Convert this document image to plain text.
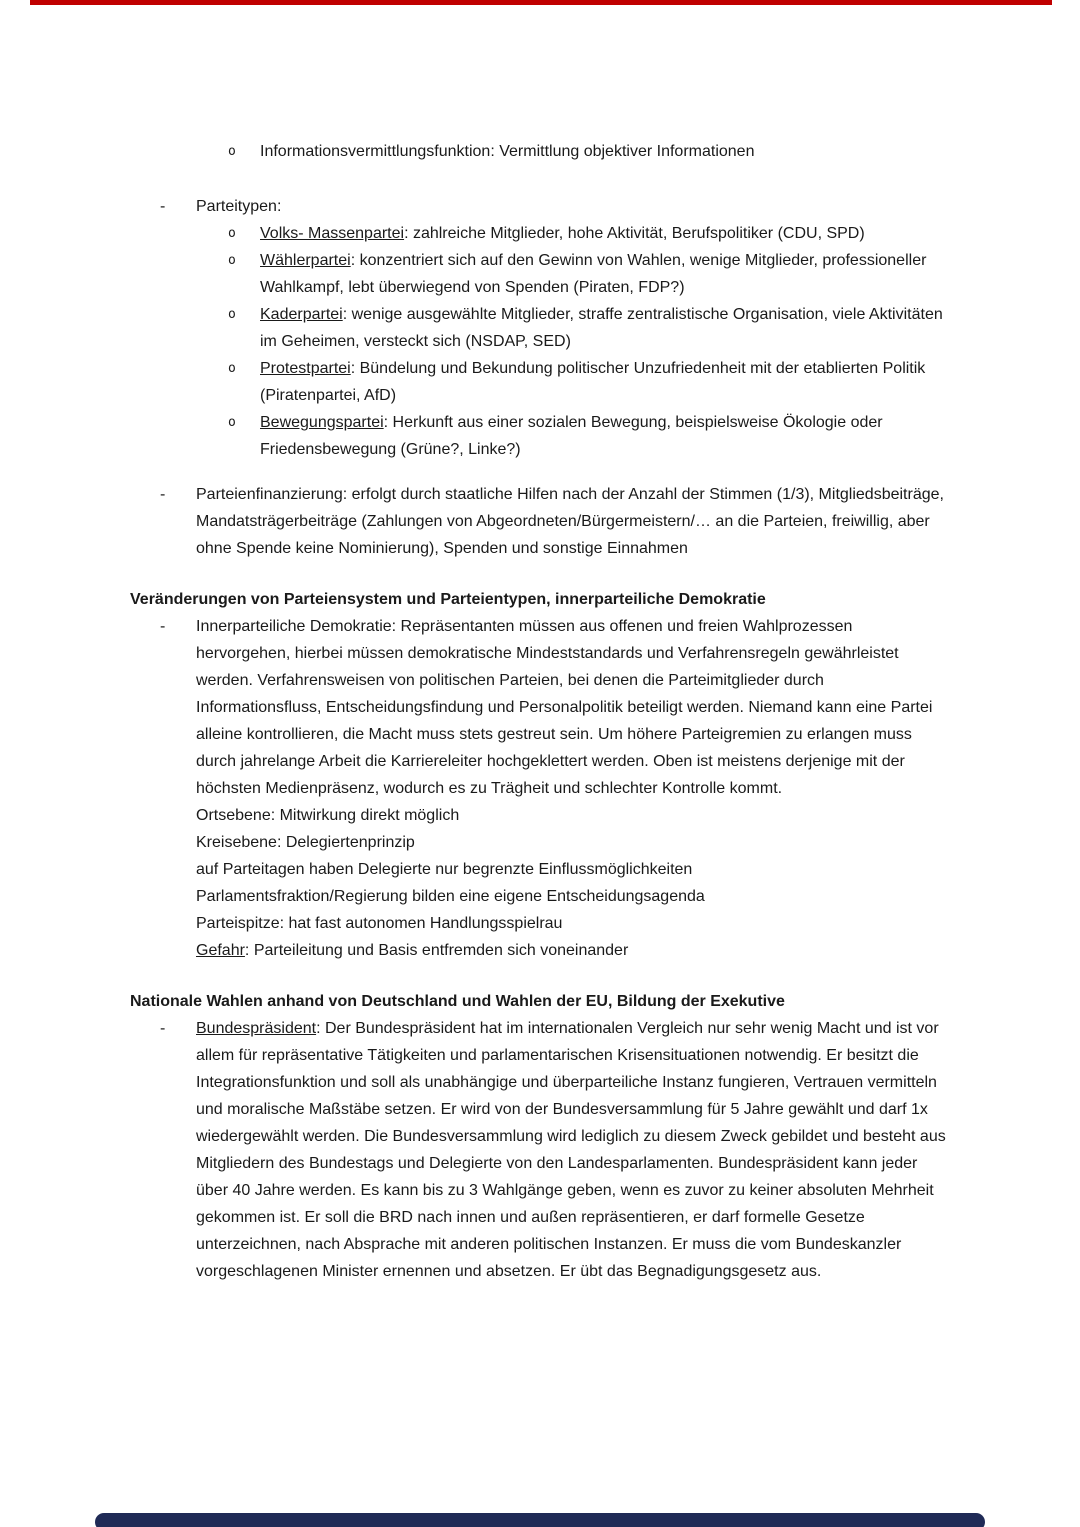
o Informationsvermittlungsfunktion: Vermittlung objektiver Informationen
- Parteitypen:
o Volks- Massenpartei: zahlreiche Mitglieder, hohe Aktivität, Berufspolitiker (CDU, SPD)
o Wählerpartei: konzentriert sich auf den Gewinn von Wahlen, wenige Mitglieder, professioneller Wahlkampf, lebt überwiegend von Spenden (Piraten, FDP?)
o Kaderpartei: wenige ausgewählte Mitglieder, straffe zentralistische Organisation, viele Aktivitäten im Geheimen, versteckt sich (NSDAP, SED)
o Protestpartei: Bündelung und Bekundung politischer Unzufriedenheit mit der etablierten Politik (Piratenpartei, AfD)
o Bewegungspartei: Herkunft aus einer sozialen Bewegung, beispielsweise Ökologie oder Friedensbewegung (Grüne?, Linke?)
- Parteienfinanzierung: erfolgt durch staatliche Hilfen nach der Anzahl der Stimmen (1/3), Mitgliedsbeiträge, Mandatsträgerbeiträge (Zahlungen von Abgeordneten/Bürgermeistern/… an die Parteien, freiwillig, aber ohne Spende keine Nominierung), Spenden und sonstige Einnahmen
Veränderungen von Parteiensystem und Parteientypen, innerparteiliche Demokratie
- Innerparteiliche Demokratie: Repräsentanten müssen aus offenen und freien Wahlprozessen hervorgehen, hierbei müssen demokratische Mindeststandards und Verfahrensregeln gewährleistet werden. Verfahrensweisen von politischen Parteien, bei denen die Parteimitglieder durch Informationsfluss, Entscheidungsfindung und Personalpolitik beteiligt werden. Niemand kann eine Partei alleine kontrollieren, die Macht muss stets gestreut sein. Um höhere Parteigremien zu erlangen muss durch jahrelange Arbeit die Karriereleiter hochgeklettert werden. Oben ist meistens derjenige mit der höchsten Medienpräsenz, wodurch es zu Trägheit und schlechter Kontrolle kommt.
Ortsebene: Mitwirkung direkt möglich
Kreisebene: Delegiertenprinzip
auf Parteitagen haben Delegierte nur begrenzte Einflussmöglichkeiten
Parlamentsfraktion/Regierung bilden eine eigene Entscheidungsagenda
Parteispitze: hat fast autonomen Handlungsspielrau
Gefahr: Parteileitung und Basis entfremden sich voneinander
Nationale Wahlen anhand von Deutschland und Wahlen der EU, Bildung der Exekutive
- Bundespräsident: Der Bundespräsident hat im internationalen Vergleich nur sehr wenig Macht und ist vor allem für repräsentative Tätigkeiten und parlamentarischen Krisensituationen notwendig. Er besitzt die Integrationsfunktion und soll als unabhängige und überparteiliche Instanz fungieren, Vertrauen vermitteln und moralische Maßstäbe setzen. Er wird von der Bundesversammlung für 5 Jahre gewählt und darf 1x wiedergewählt werden. Die Bundesversammlung wird lediglich zu diesem Zweck gebildet und besteht aus Mitgliedern des Bundestags und Delegierte von den Landesparlamenten. Bundespräsident kann jeder über 40 Jahre werden. Es kann bis zu 3 Wahlgänge geben, wenn es zuvor zu keiner absoluten Mehrheit gekommen ist. Er soll die BRD nach innen und außen repräsentieren, er darf formelle Gesetze unterzeichnen, nach Absprache mit anderen politischen Instanzen. Er muss die vom Bundeskanzler vorgeschlagenen Minister ernennen und absetzen. Er übt das Begnadigungsgesetz aus.
